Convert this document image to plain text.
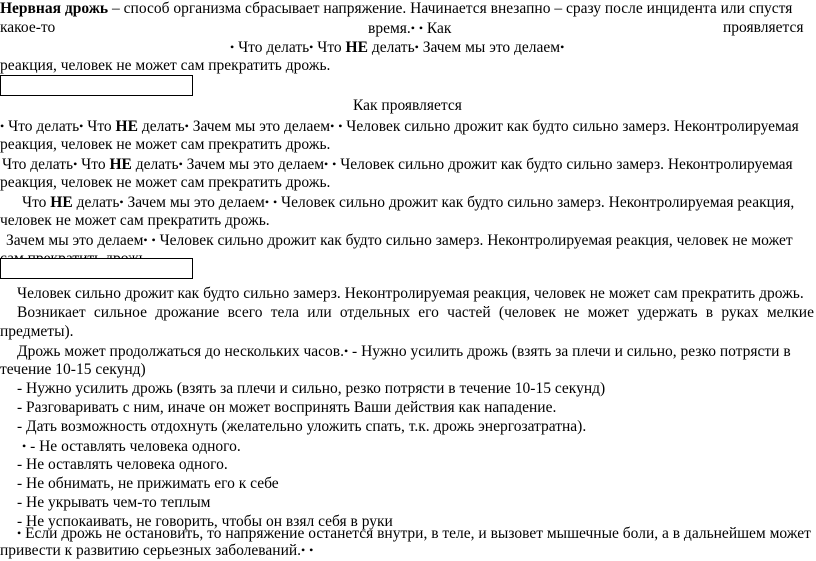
Нервная дрожь – способ организма сбрасывает напряжение. Начинается внезапно – сразу после инцидента или спустя
какое-то	время.• • Как	проявляется
• Что делать• Что НЕ делать• Зачем мы это делаем•
реакция, человек не может сам прекратить дрожь.
Как проявляется
• Что делать• Что НЕ делать• Зачем мы это делаем• • Человек сильно дрожит как будто сильно замерз. Неконтролируемая
реакция, человек не может сам прекратить дрожь.
Что делать• Что НЕ делать• Зачем мы это делаем• • Человек сильно дрожит как будто сильно замерз. Неконтролируемая
реакция, человек не может сам прекратить дрожь.
Что НЕ делать• Зачем мы это делаем• • Человек сильно дрожит как будто сильно замерз. Неконтролируемая реакция,
человек не может сам прекратить дрожь.
Зачем мы это делаем• • Человек сильно дрожит как будто сильно замерз. Неконтролируемая реакция, человек не может
Человек сильно дрожит как будто сильно замерз. Неконтролируемая реакция, человек не может сам прекратить дрожь.
Возникает сильное дрожание всего тела или отдельных его частей (человек не может удержать в руках мелкие
предметы).
Дрожь может продолжаться до нескольких часов.• - Нужно усилить дрожь (взять за плечи и сильно, резко потрясти в
течение 10-15 секунд)
- Нужно усилить дрожь (взять за плечи и сильно, резко потрясти в течение 10-15 секунд)
- Разговаривать с ним, иначе он может воспринять Ваши действия как нападение.
- Дать возможность отдохнуть (желательно уложить спать, т.к. дрожь энергозатратна).
• - Не оставлять человека одного.
- Не оставлять человека одного.
- Не обнимать, не прижимать его к себе
- Не укрывать чем-то теплым
- Не успокаивать, не говорить, чтобы он взял себя в руки
• Если дрожь не остановить, то напряжение останется внутри, в теле, и вызовет мышечные боли, а в дальнейшем может
привести к развитию серьезных заболеваний.• •
